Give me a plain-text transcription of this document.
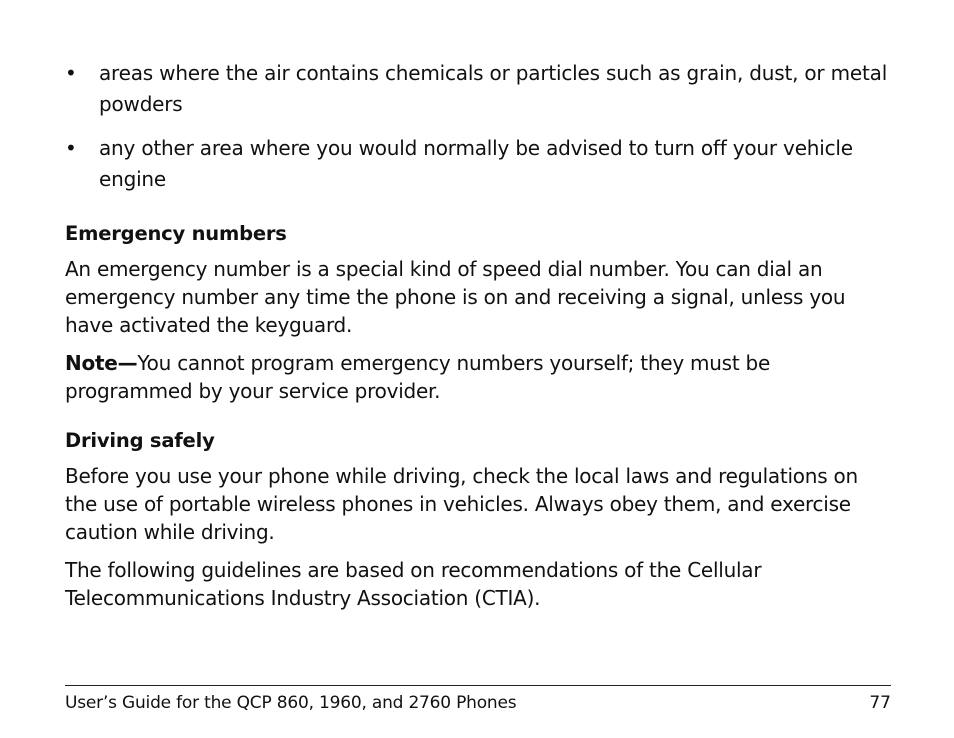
• areas where the air contains chemicals or particles such as grain, dust, or metal powders
• any other area where you would normally be advised to turn off your vehicle engine
Emergency numbers

An emergency number is a special kind of speed dial number. You can dial an emergency number any time the phone is on and receiving a signal, unless you have activated the keyguard.

Note—You cannot program emergency numbers yourself; they must be programmed by your service provider.

Driving safely

Before you use your phone while driving, check the local laws and regulations on the use of portable wireless phones in vehicles. Always obey them, and exercise caution while driving.

The following guidelines are based on recommendations of the Cellular Telecommunications Industry Association (CTIA).

User’s Guide for the QCP 860, 1960, and 2760 Phones	77
